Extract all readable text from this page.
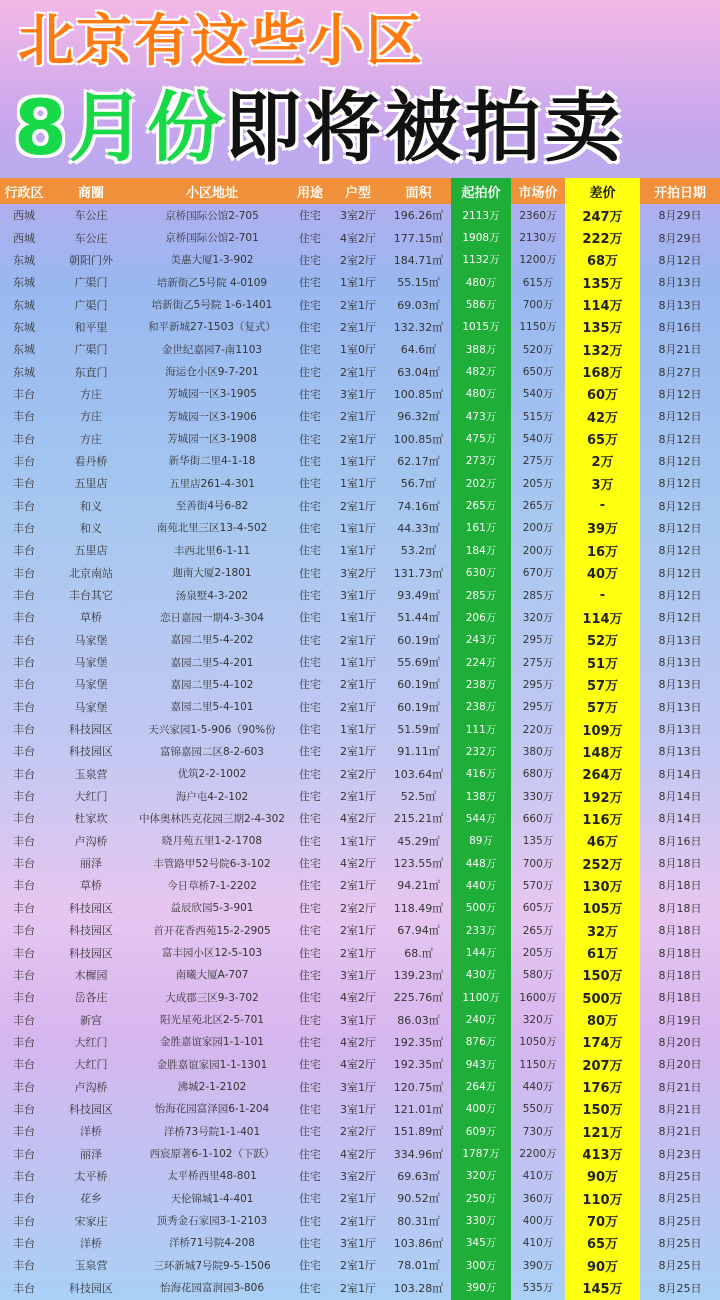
北京有这些小区
8月份即将被拍卖
行政区	商圈	小区地址	用途	户型	面积	起拍价	市场价	差价	开拍日期
西城	车公庄	京桥国际公馆2-705	住宅	3室2厅	196.26㎡	2113万	2360万	247万	8月29日
西城	车公庄	京桥国际公馆2-701	住宅	4室2厅	177.15㎡	1908万	2130万	222万	8月29日
东城	朝阳门外	美惠大厦1-3-902	住宅	2室2厅	184.71㎡	1132万	1200万	68万	8月12日
东城	广渠门	培新街乙5号院 4-0109	住宅	1室1厅	55.15㎡	480万	615万	135万	8月13日
东城	广渠门	培新街乙5号院 1-6-1401	住宅	2室1厅	69.03㎡	586万	700万	114万	8月13日
东城	和平里	和平新城27-1503（复式）	住宅	2室1厅	132.32㎡	1015万	1150万	135万	8月16日
东城	广渠门	金世纪嘉园7-南1103	住宅	1室0厅	64.6㎡	388万	520万	132万	8月21日
东城	东直门	海运仓小区9-7-201	住宅	2室1厅	63.04㎡	482万	650万	168万	8月27日
丰台	方庄	芳城园一区3-1905	住宅	3室1厅	100.85㎡	480万	540万	60万	8月12日
丰台	方庄	芳城园一区3-1906	住宅	2室1厅	96.32㎡	473万	515万	42万	8月12日
丰台	方庄	芳城园一区3-1908	住宅	2室1厅	100.85㎡	475万	540万	65万	8月12日
丰台	看丹桥	新华街二里4-1-18	住宅	1室1厅	62.17㎡	273万	275万	2万	8月12日
丰台	五里店	五里店261-4-301	住宅	1室1厅	56.7㎡	202万	205万	3万	8月12日
丰台	和义	至善街4号6-82	住宅	2室1厅	74.16㎡	265万	265万	-	8月12日
丰台	和义	南苑北里三区13-4-502	住宅	1室1厅	44.33㎡	161万	200万	39万	8月12日
丰台	五里店	丰西北里6-1-11	住宅	1室1厅	53.2㎡	184万	200万	16万	8月12日
丰台	北京南站	迦南大厦2-1801	住宅	3室2厅	131.73㎡	630万	670万	40万	8月12日
丰台	丰台其它	汤泉墅4-3-202	住宅	3室1厅	93.49㎡	285万	285万	-	8月12日
丰台	草桥	恋日嘉园一期4-3-304	住宅	1室1厅	51.44㎡	206万	320万	114万	8月12日
丰台	马家堡	嘉园二里5-4-202	住宅	2室1厅	60.19㎡	243万	295万	52万	8月13日
丰台	马家堡	嘉园二里5-4-201	住宅	1室1厅	55.69㎡	224万	275万	51万	8月13日
丰台	马家堡	嘉园二里5-4-102	住宅	2室1厅	60.19㎡	238万	295万	57万	8月13日
丰台	马家堡	嘉园二里5-4-101	住宅	2室1厅	60.19㎡	238万	295万	57万	8月13日
丰台	科技园区	天兴家园1-5-906（90%份	住宅	1室1厅	51.59㎡	111万	220万	109万	8月13日
丰台	科技园区	富锦嘉园二区8-2-603	住宅	2室1厅	91.11㎡	232万	380万	148万	8月13日
丰台	玉泉营	优筑2-2-1002	住宅	2室2厅	103.64㎡	416万	680万	264万	8月14日
丰台	大红门	海户屯4-2-102	住宅	2室1厅	52.5㎡	138万	330万	192万	8月14日
丰台	杜家坎	中体奥林匹克花园三期2-4-302	住宅	4室2厅	215.21㎡	544万	660万	116万	8月14日
丰台	卢沟桥	晓月苑五里1-2-1708	住宅	1室1厅	45.29㎡	89万	135万	46万	8月16日
丰台	丽泽	丰管路甲52号院6-3-102	住宅	4室2厅	123.55㎡	448万	700万	252万	8月18日
丰台	草桥	今日草桥7-1-2202	住宅	2室1厅	94.21㎡	440万	570万	130万	8月18日
丰台	科技园区	益辰欣园5-3-901	住宅	2室2厅	118.49㎡	500万	605万	105万	8月18日
丰台	科技园区	首开花香西苑15-2-2905	住宅	2室1厅	67.94㎡	233万	265万	32万	8月18日
丰台	科技园区	富丰园小区12-5-103	住宅	2室1厅	68.㎡	144万	205万	61万	8月18日
丰台	木樨园	南曦大厦A-707	住宅	3室1厅	139.23㎡	430万	580万	150万	8月18日
丰台	岳各庄	大成郡三区9-3-702	住宅	4室2厅	225.76㎡	1100万	1600万	500万	8月18日
丰台	新宫	阳光星苑北区2-5-701	住宅	3室1厅	86.03㎡	240万	320万	80万	8月19日
丰台	大红门	金胜嘉谊家园1-1-101	住宅	4室2厅	192.35㎡	876万	1050万	174万	8月20日
丰台	大红门	金胜嘉谊家园1-1-1301	住宅	4室2厅	192.35㎡	943万	1150万	207万	8月20日
丰台	卢沟桥	沸城2-1-2102	住宅	3室1厅	120.75㎡	264万	440万	176万	8月21日
丰台	科技园区	怡海花园富泽园6-1-204	住宅	3室1厅	121.01㎡	400万	550万	150万	8月21日
丰台	洋桥	洋桥73号院1-1-401	住宅	2室2厅	151.89㎡	609万	730万	121万	8月21日
丰台	丽泽	西宸原著6-1-102（下跃）	住宅	4室2厅	334.96㎡	1787万	2200万	413万	8月23日
丰台	太平桥	太平桥西里48-801	住宅	3室2厅	69.63㎡	320万	410万	90万	8月25日
丰台	花乡	天伦锦城1-4-401	住宅	2室1厅	90.52㎡	250万	360万	110万	8月25日
丰台	宋家庄	顶秀金石家园3-1-2103	住宅	2室1厅	80.31㎡	330万	400万	70万	8月25日
丰台	洋桥	洋桥71号院4-208	住宅	3室1厅	103.86㎡	345万	410万	65万	8月25日
丰台	玉泉营	三环新城7号院9-5-1506	住宅	2室1厅	78.01㎡	300万	390万	90万	8月25日
丰台	科技园区	怡海花园富润园3-806	住宅	2室1厅	103.28㎡	390万	535万	145万	8月25日
